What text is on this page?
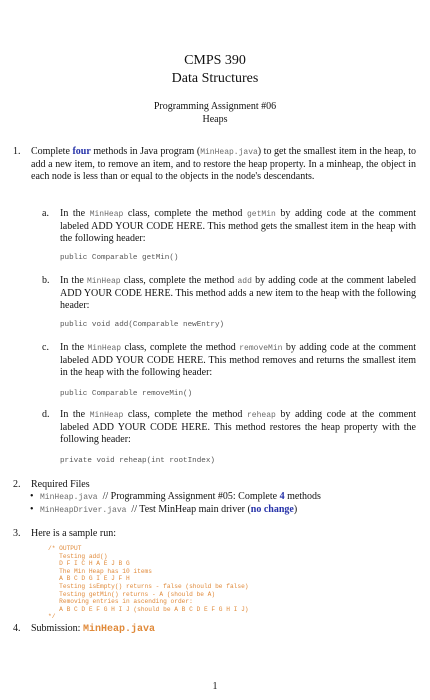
CMPS 390
Data Structures
Programming Assignment #06
Heaps
1. Complete four methods in Java program (MinHeap.java) to get the smallest item in the heap, to add a new item, to remove an item, and to restore the heap property. In a minheap, the object in each node is less than or equal to the objects in the node's descendants.
a. In the MinHeap class, complete the method getMin by adding code at the comment labeled ADD YOUR CODE HERE. This method gets the smallest item in the heap with the following header:
public Comparable getMin()
b. In the MinHeap class, complete the method add by adding code at the comment labeled ADD YOUR CODE HERE. This method adds a new item to the heap with the following header:
public void add(Comparable newEntry)
c. In the MinHeap class, complete the method removeMin by adding code at the comment labeled ADD YOUR CODE HERE. This method removes and returns the smallest item in the heap with the following header:
public Comparable removeMin()
d. In the MinHeap class, complete the method reheap by adding code at the comment labeled ADD YOUR CODE HERE. This method restores the heap property with the following header:
private void reheap(int rootIndex)
2. Required Files
• MinHeap.java // Programming Assignment #05: Complete 4 methods
• MinHeapDriver.java // Test MinHeap main driver (no change)
3. Here is a sample run:
/* OUTPUT
Testing add()
D F I C H A E J B G
The Min Heap has 10 items
A B C D G I E J F H
Testing isEmpty() returns - false (should be false)
Testing getMin() returns - A (should be A)
Removing entries in ascending order:
A B C D E F G H I J (should be A B C D E F G H I J)
*/
4. Submission: MinHeap.java
1
